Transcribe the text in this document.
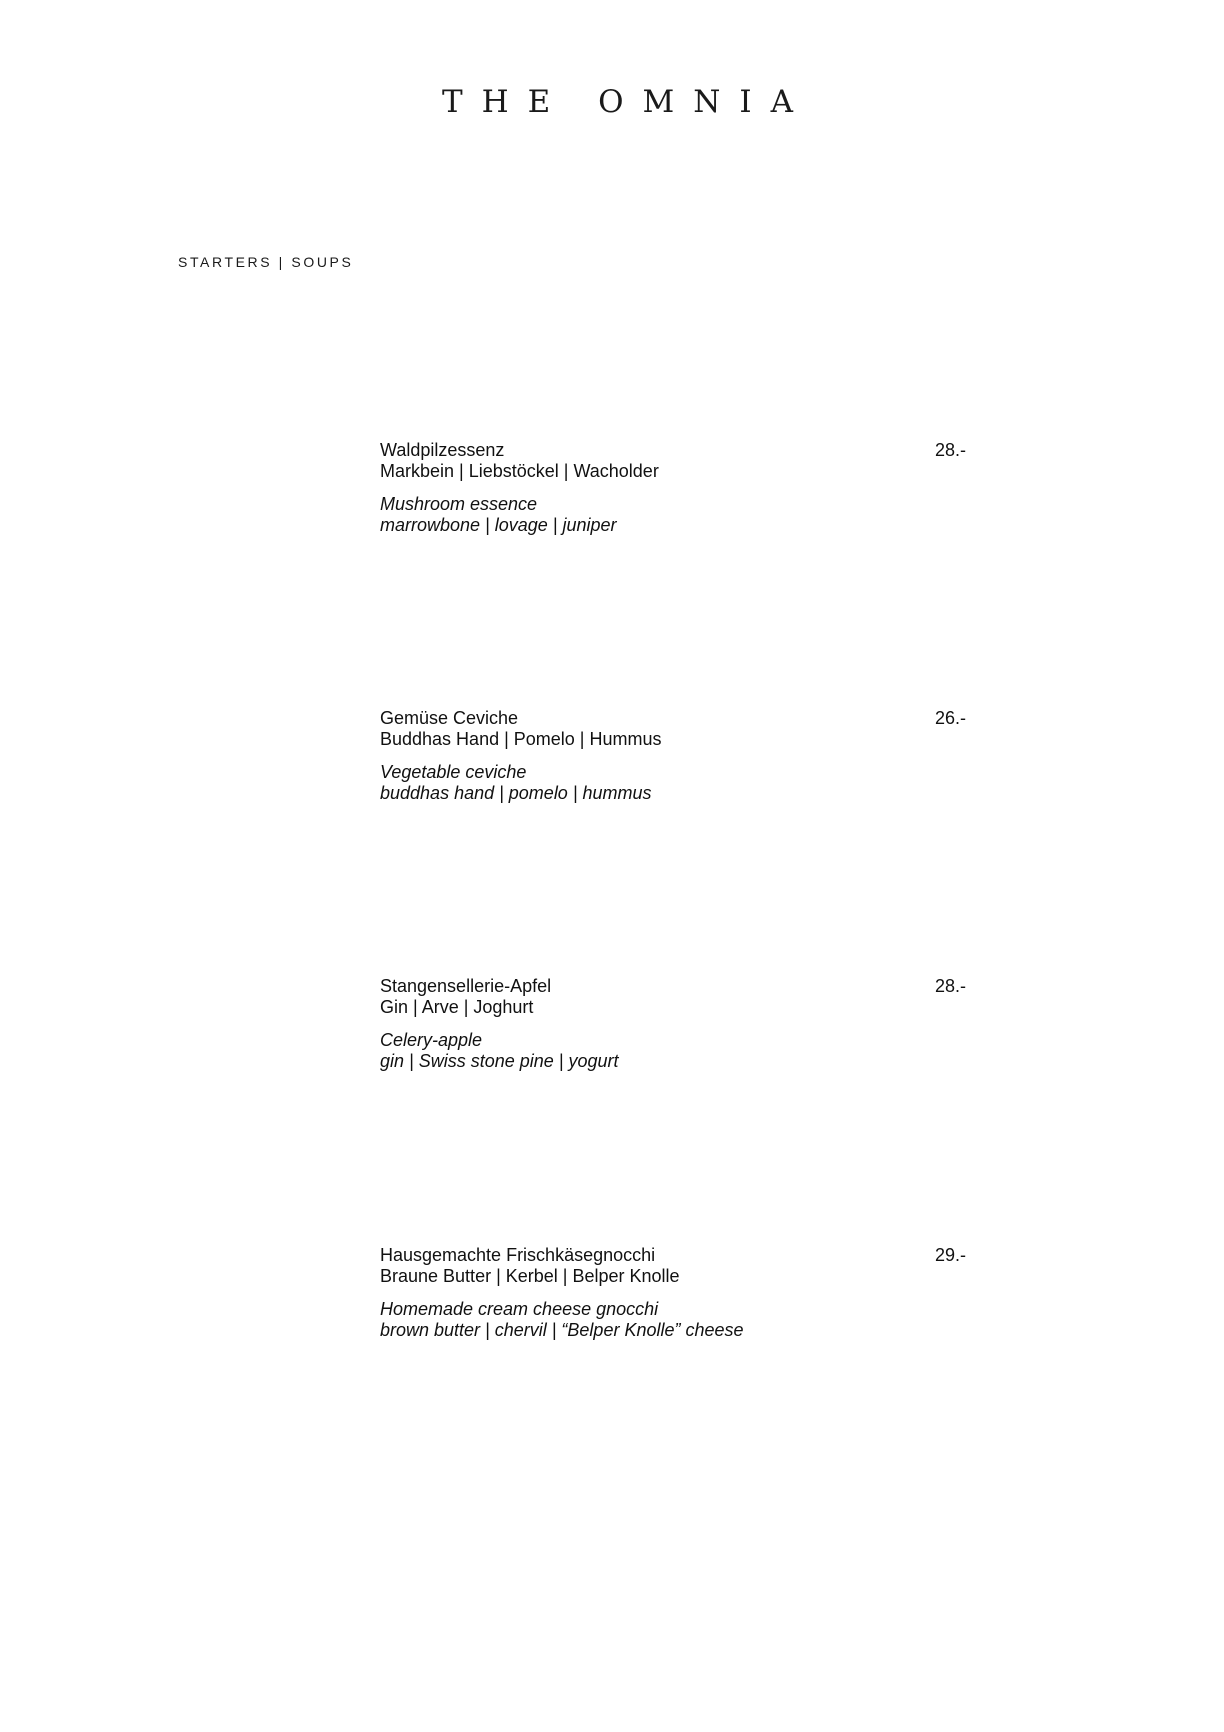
THE OMNIA
STARTERS | SOUPS
Waldpilzessenz	28.-
Markbein | Liebstöckel | Wacholder
Mushroom essence
marrowbone | lovage | juniper
Gemüse Ceviche	26.-
Buddhas Hand | Pomelo | Hummus
Vegetable ceviche
buddhas hand | pomelo | hummus
Stangensellerie-Apfel	28.-
Gin | Arve | Joghurt
Celery-apple
gin | Swiss stone pine | yogurt
Hausgemachte Frischkäsegnocchi	29.-
Braune Butter | Kerbel | Belper Knolle
Homemade cream cheese gnocchi
brown butter | chervil | “Belper Knolle” cheese
